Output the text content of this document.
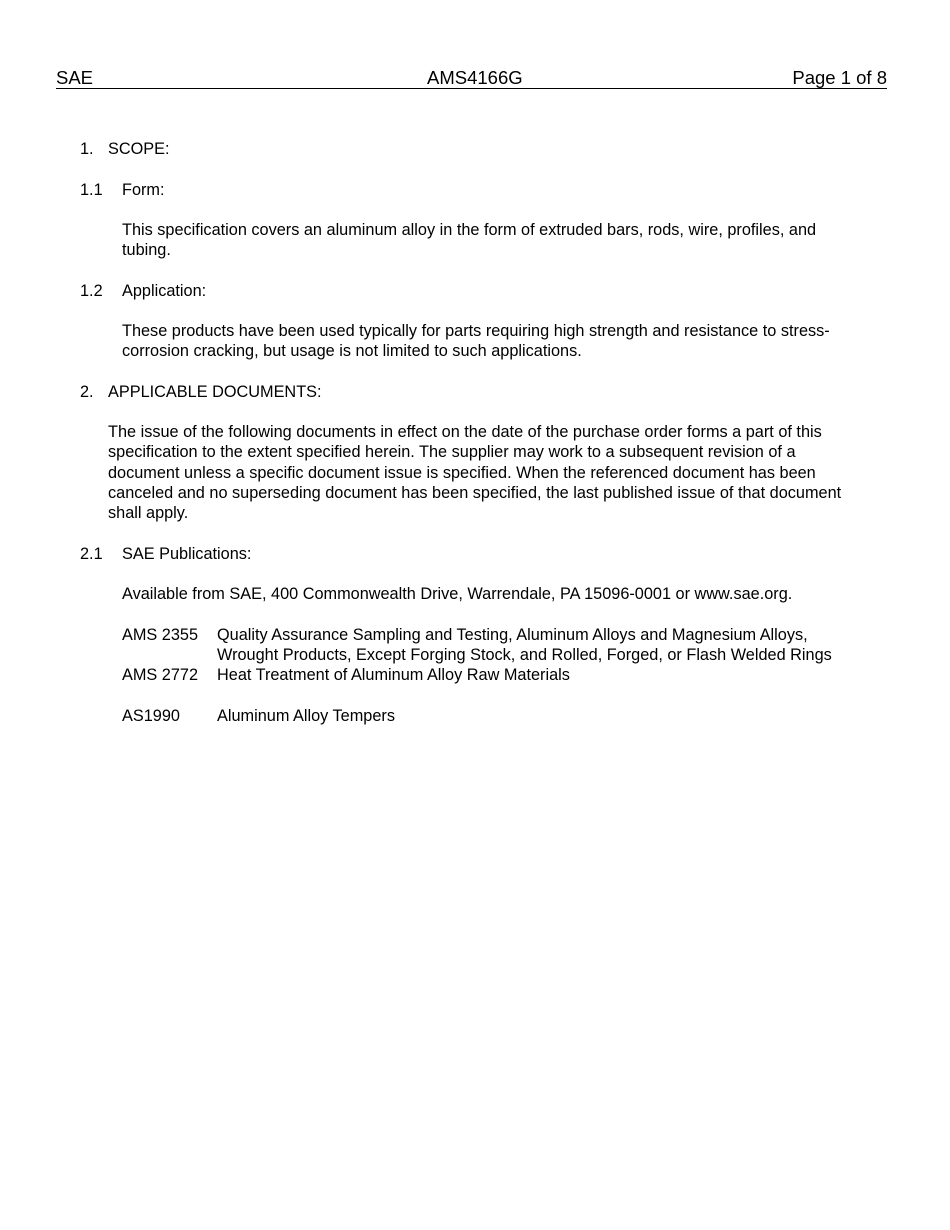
SAE	AMS4166G	Page 1 of 8
1. SCOPE:
1.1 Form:

This specification covers an aluminum alloy in the form of extruded bars, rods, wire, profiles, and

tubing.

1.2 Application:

These products have been used typically for parts requiring high strength and resistance to stress-

corrosion cracking, but usage is not limited to such applications.

2. APPLICABLE DOCUMENTS:

The issue of the following documents in effect on the date of the purchase order forms a part of this

specification to the extent specified herein. The supplier may work to a subsequent revision of a

document unless a specific document issue is specified. When the referenced document has been

canceled and no superseding document has been specified, the last published issue of that document

shall apply.

2.1 SAE Publications:

Available from SAE, 400 Commonwealth Drive, Warrendale, PA 15096-0001 or www.sae.org.

AMS 2355 Quality Assurance Sampling and Testing, Aluminum Alloys and Magnesium Alloys,
Wrought Products, Except Forging Stock, and Rolled, Forged, or Flash Welded Rings
AMS 2772 Heat Treatment of Aluminum Alloy Raw Materials
AS1990 Aluminum Alloy Tempers
